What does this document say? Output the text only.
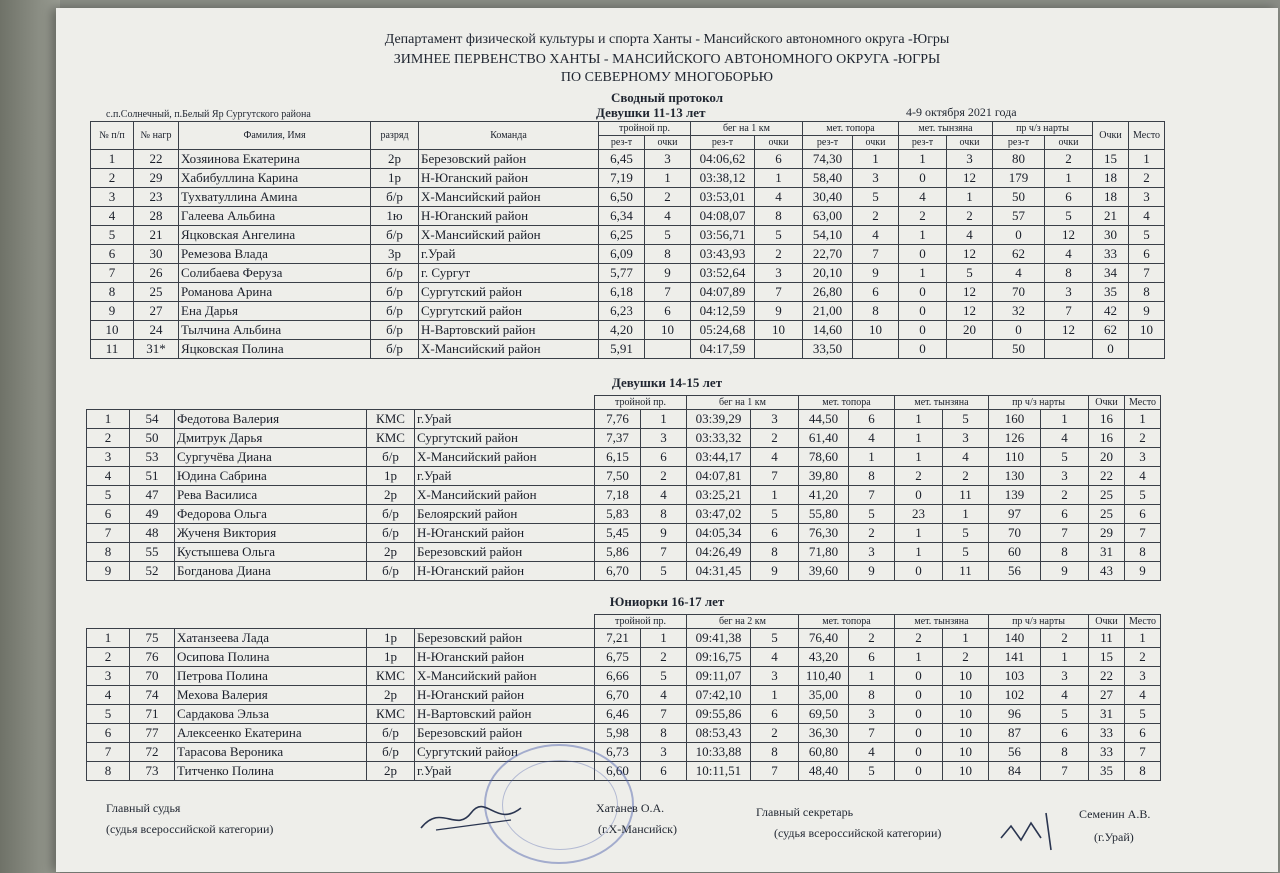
Департамент физической культуры и спорта Ханты - Мансийского автономного округа -Югры
ЗИМНЕЕ ПЕРВЕНСТВО ХАНТЫ - МАНСИЙСКОГО АВТОНОМНОГО ОКРУГА -ЮГРЫ
ПО СЕВЕРНОМУ МНОГОБОРЬЮ
Сводный протокол
с.п.Солнечный, п.Белый Яр Сургутского района	Девушки 11-13 лет	4-9 октября 2021 года
№ п/п	№ нагр	Фамилия, Имя	разряд	Команда	тройной пр.		бег на 1 км		мет. топора		мет. тынзяна		пр ч/з нарты		Очки	Место
					рез-т	очки	рез-т	очки	рез-т	очки	рез-т	очки	рез-т	очки		
1	22	Хозяинова Екатерина	2р	Березовский район	6,45	3	04:06,62	6	74,30	1	1	3	80	2	15	1
2	29	Хабибуллина Карина	1р	Н-Юганский район	7,19	1	03:38,12	1	58,40	3	0	12	179	1	18	2
3	23	Тухватуллина Амина	б/р	Х-Мансийский район	6,50	2	03:53,01	4	30,40	5	4	1	50	6	18	3
4	28	Галеева Альбина	1ю	Н-Юганский район	6,34	4	04:08,07	8	63,00	2	2	2	57	5	21	4
5	21	Яцковская Ангелина	б/р	Х-Мансийский район	6,25	5	03:56,71	5	54,10	4	1	4	0	12	30	5
6	30	Ремезова Влада	3р	г.Урай	6,09	8	03:43,93	2	22,70	7	0	12	62	4	33	6
7	26	Солибаева Феруза	б/р	г. Сургут	5,77	9	03:52,64	3	20,10	9	1	5	4	8	34	7
8	25	Романова Арина	б/р	Сургутский район	6,18	7	04:07,89	7	26,80	6	0	12	70	3	35	8
9	27	Ена Дарья	б/р	Сургутский район	6,23	6	04:12,59	9	21,00	8	0	12	32	7	42	9
10	24	Тылчина Альбина	б/р	Н-Вартовский район	4,20	10	05:24,68	10	14,60	10	0	20	0	12	62	10
11	31*	Яцковская Полина	б/р	Х-Мансийский район	5,91		04:17,59		33,50		0		50		0	
Девушки 14-15 лет
					тройной пр.		бег на 1 км		мет. топора		мет. тынзяна		пр ч/з нарты		Очки	Место
1	54	Федотова Валерия	КМС	г.Урай	7,76	1	03:39,29	3	44,50	6	1	5	160	1	16	1
2	50	Дмитрук Дарья	КМС	Сургутский район	7,37	3	03:33,32	2	61,40	4	1	3	126	4	16	2
3	53	Сургучёва Диана	б/р	Х-Мансийский район	6,15	6	03:44,17	4	78,60	1	1	4	110	5	20	3
4	51	Юдина Сабрина	1р	г.Урай	7,50	2	04:07,81	7	39,80	8	2	2	130	3	22	4
5	47	Рева Василиса	2р	Х-Мансийский район	7,18	4	03:25,21	1	41,20	7	0	11	139	2	25	5
6	49	Федорова Ольга	б/р	Белоярский район	5,83	8	03:47,02	5	55,80	5	23	1	97	6	25	6
7	48	Жученя Виктория	б/р	Н-Юганский район	5,45	9	04:05,34	6	76,30	2	1	5	70	7	29	7
8	55	Кустышева Ольга	2р	Березовский район	5,86	7	04:26,49	8	71,80	3	1	5	60	8	31	8
9	52	Богданова Диана	б/р	Н-Юганский район	6,70	5	04:31,45	9	39,60	9	0	11	56	9	43	9
Юниорки 16-17 лет
					тройной пр.		бег на 2 км		мет. топора		мет. тынзяна		пр ч/з нарты		Очки	Место
1	75	Хатанзеева Лада	1р	Березовский район	7,21	1	09:41,38	5	76,40	2	2	1	140	2	11	1
2	76	Осипова Полина	1р	Н-Юганский район	6,75	2	09:16,75	4	43,20	6	1	2	141	1	15	2
3	70	Петрова Полина	КМС	Х-Мансийский район	6,66	5	09:11,07	3	110,40	1	0	10	103	3	22	3
4	74	Мехова Валерия	2р	Н-Юганский район	6,70	4	07:42,10	1	35,00	8	0	10	102	4	27	4
5	71	Сардакова Эльза	КМС	Н-Вартовский район	6,46	7	09:55,86	6	69,50	3	0	10	96	5	31	5
6	77	Алексеенко Екатерина	б/р	Березовский район	5,98	8	08:53,43	2	36,30	7	0	10	87	6	33	6
7	72	Тарасова Вероника	б/р	Сургутский район	6,73	3	10:33,88	8	60,80	4	0	10	56	8	33	7
8	73	Титченко Полина	2р	г.Урай	6,60	6	10:11,51	7	48,40	5	0	10	84	7	35	8
Главный судья
(судья всероссийской категории)
Хатанев О.А.
(г.Х-Мансийск)
Главный секретарь
(судья всероссийской категории)
Семенин А.В.
(г.Урай)
